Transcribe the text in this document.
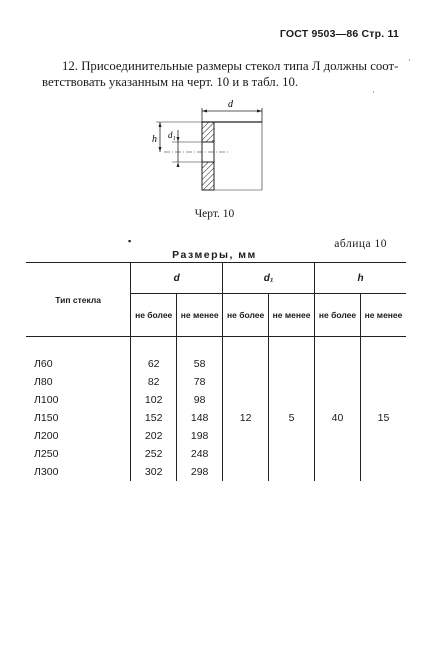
ГОСТ 9503—86 Стр. 11
12. Присоединительные размеры стекол типа Л должны соот-
ветствовать указанным на черт. 10 и в табл. 10.
·
·
d
h d₁
Черт. 10
▪	аблица 10
Размеры, мм
Тип стекла	d		d₁		h	
	не более	не менее	не более	не менее	не более	не менее

Л60	62	58	12	5	40	15
Л80	82	78				
Л100	102	98				
Л150	152	148				
Л200	202	198				
Л250	252	248				
Л300	302	298				
